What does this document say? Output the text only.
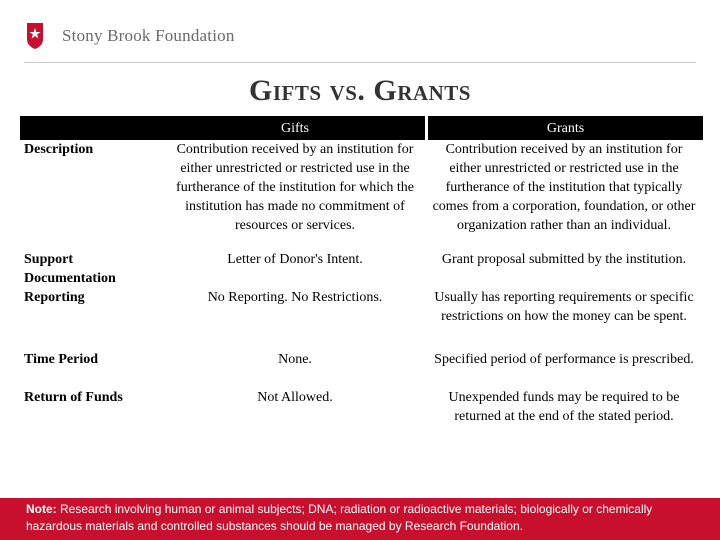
Stony Brook Foundation
Gifts vs. Grants
	Gifts	Grants
Description	Contribution received by an institution for either unrestricted or restricted use in the furtherance of the institution for which the institution has made no commitment of resources or services.	Contribution received by an institution for either unrestricted or restricted use in the furtherance of the institution that typically comes from a corporation, foundation, or other organization rather than an individual.
Support Documentation	Letter of Donor's Intent.	Grant proposal submitted by the institution.
Reporting	No Reporting. No Restrictions.	Usually has reporting requirements or specific restrictions on how the money can be spent.
Time Period	None.	Specified period of performance is prescribed.
Return of Funds	Not Allowed.	Unexpended funds may be required to be returned at the end of the stated period.
Note: Research involving human or animal subjects; DNA; radiation or radioactive materials; biologically or chemically hazardous materials and controlled substances should be managed by Research Foundation.
